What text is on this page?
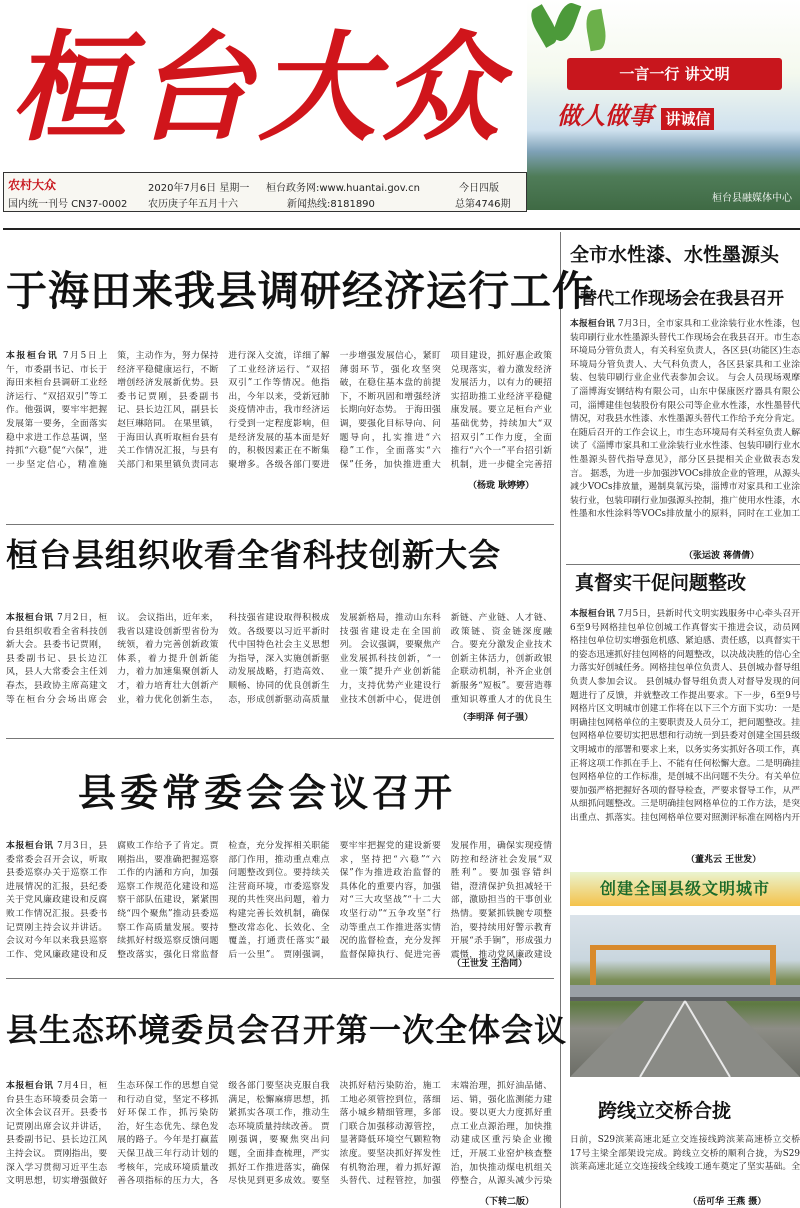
桓台大众	一言一行 讲文明
做人做事 讲诚信
桓台县融媒体中心
农村大众
国内统一刊号 CN37-0002
2020年7月6日 星期一
农历庚子年五月十六
桓台政务网:www.huantai.gov.cn
新闻热线:8181890
今日四版
总第4746期
于海田来我县调研经济运行工作

本报桓台讯 7月5日上午，市委副书记、市长于海田来桓台县调研工业经济运行、“双招双引”等工作。他强调，要牢牢把握发展第一要务，全面落实稳中求进工作总基调，坚持抓“六稳”促“六保”，进一步坚定信心，精准施策，主动作为，努力保持经济平稳健康运行，不断增创经济发展新优势。县委书记贾刚，县委副书记、县长边江风，副县长赵巨琳陪同。 在果里镇，于海田认真听取桓台县有关工作情况汇报，与县有关部门和果里镇负责同志进行深入交流，详细了解了工业经济运行、“双招双引”工作等情况。他指出，今年以来，受新冠肺炎疫情冲击，我市经济运行受到一定程度影响，但是经济发展的基本面是好的，积极因素正在不断集聚增多。各级各部门要进一步增强发展信心，紧盯薄弱环节，强化攻坚突破，在稳住基本盘的前提下，不断巩固和增强经济长期向好态势。 于海田强调，要强化目标导向、问题导向，扎实推进“六稳”工作，全面落实“六保”任务，加快推进重大项目建设，抓好惠企政策兑现落实，着力激发经济发展活力，以有力的硬招实招助推工业经济平稳健康发展。要立足桓台产业基础优势，持续加大“双招双引”工作力度，全面推行“六个一”平台招引新机制，进一步健全完善招

（杨珑 耿婷婷）
全市水性漆、水性墨源头
替代工作现场会在我县召开

本报桓台讯 7月3日，全市家具和工业涂装行业水性漆，包装印刷行业水性墨源头替代工作现场会在我县召开。市生态环境局分管负责人，有关科室负责人，各区县(功能区)生态环境局分管负责人、大气科负责人，各区县家具和工业涂装、包装印刷行业企业代表参加会议。 与会人员现场观摩了淄博海安钢结构有限公司，山东中保康医疗器具有限公司，淄博建佳包装股份有限公司等企业水性漆，水性墨替代情况，对我县水性漆、水性墨源头替代工作给予充分肯定。在随后召开的工作会议上，市生态环境局有关科室负责人解读了《淄博市家具和工业涂装行业水性漆、包装印刷行业水性墨源头替代指导意见》，部分区县提相关企业做表态发言。 据悉，为进一步加强涉VOCs排放企业的管理，从源头减少VOCs排放量，遏制臭氧污染，淄博市对家具和工业涂装行业，包装印刷行业加强源头控制，推广使用水性漆，水性墨和水性涂料等VOCs排放量小的原料，同时在工业加工

（张运波 蒋倩倩）
桓台县组织收看全省科技创新大会

本报桓台讯 7月2日，桓台县组织收看全省科技创新大会。县委书记贾刚，县委副书记、县长边江风，县人大常委会主任刘春杰，县政协主席高建文等在桓台分会场出席会议。 会议指出，近年来，我省以建设创新型省份为统领，着力完善创新政策体系，着力提升创新能力，着力加速集聚创新人才，着力培育壮大创新产业，着力优化创新生态，科技强省建设取得积极成效。各级要以习近平新时代中国特色社会主义思想为指导，深入实施创新驱动发展战略，打造高效、顺畅、协同的优良创新生态，形成创新驱动高质量发展新格局，推动山东科技强省建设走在全国前列。 会议强调，要聚焦产业发展抓科技创新，“一业一策”提升产业创新能力，支持优势产业建设行业技术创新中心，促进创新链、产业链、人才链、政策链、资金链深度融合。要充分激发企业技术创新主体活力，创新政银企联动机制，补齐企业创新服务“短板”。要营造尊重知识尊重人才的优良生

（李明泽 何子强）
真督实干促问题整改

本报桓台讯 7月5日，县新时代文明实践服务中心牵头召开6至9号网格挂包单位创城工作真督实干推进会议，动员网格挂包单位切实增强危机感、紧迫感、责任感，以真督实干的姿态迅速抓好挂包网格的问题整改，以决战决胜的信心全力落实好创城任务。网格挂包单位负责人、县创城办督导组负责人参加会议。 县创城办督导组负责人对督导发现的问题进行了反馈，并就整改工作提出要求。下一步，6至9号网格片区文明城市创建工作将在以下三个方面下实功：一是明确挂包网格单位的主要职责及人员分工，把问题整改。挂包网格单位要切实把思想和行动统一到县委对创建全国县级文明城市的部署和要求上来，以务实务实抓好各项工作，真正将这项工作抓在手上、不能有任何松懈大意。二是明确挂包网格单位的工作标准，是创城不出问题不失分。有关单位要加强严格把握好各项的督导检查，严要求督导工作，从严从细抓问题整改。三是明确挂包网格单位的工作方法，是突出重点、抓落实。挂包网格单位要对照测评标准在网格内开

（董兆云 王世发）
县委常委会会议召开

本报桓台讯 7月3日，县委常委会召开会议，听取县委巡察办关于巡察工作进展情况的汇报，县纪委关于党风廉政建设和反腐败工作情况汇报。县委书记贾刚主持会议并讲话。 会议对今年以来我县巡察工作、党风廉政建设和反腐败工作给予了肯定。贾刚指出，要准确把握巡察工作的内涵和方向，加强巡察工作规范化建设和巡察干部队伍建设，紧紧围绕“四个聚焦”推动县委巡察工作高质量发展。要持续抓好村级巡察反馈问题整改落实，强化日常监督检查，充分发挥相关职能部门作用，推动重点难点问题整改到位。要持续关注营商环境，市委巡察发现的共性突出问题，着力构建完善长效机制，确保整改常态化、长效化、全覆盖，打通责任落实“最后一公里”。 贾刚强调，要牢牢把握党的建设新要求，坚持把“六稳”“六保”作为推进政治监督的具体化的重要内容，加强对“三大攻坚战”“十二大攻坚行动”“五争攻坚”行动等重点工作推进落实情况的监督检查，充分发挥监督保障执行、促进完善发展作用，确保实现疫情防控和经济社会发展“双胜利”。要加强容错纠错，澄清保护负担减轻干部，激励担当的干事创业热情。要紧抓铁腕专项整治，要持续用好警示教育开展“杀手锏”，形成强力震慑，推动党风廉政建设

（王世发 王浩同）
县生态环境委员会召开第一次全体会议

本报桓台讯 7月4日，桓台县生态环境委员会第一次全体会议召开。县委书记贾刚出席会议并讲话，县委副书记、县长边江风主持会议。 贾刚指出，要深入学习贯彻习近平生态文明思想，切实增强做好生态环保工作的思想自觉和行动自觉，坚定不移抓好环保工作，抓污染防治，好生态优先、绿色发展的路子。今年是打赢蓝天保卫战三年行动计划的考核年，完成环境质量改善各项指标的压力大，各级各部门要坚决克服自我满足，松懈麻痹思想，抓紧抓实各项工作，推动生态环境质量持续改善。 贾刚强调，要聚焦突出问题，全面排查梳理，严实抓好工作推进落实，确保尽快见到更多成效。要坚决抓好秸污染防治，施工工地必须管控到位，落细落小城乡精细管理，多部门联合加强移动源管控，显著降低环境空气颗粒物浓度。要坚决抓好挥发性有机物治理，着力抓好源头替代、过程管控，加强末端治理，抓好油品储、运、销，强化监测能力建设。要以更大力度抓好重点工业点源治理，加快推动建成区重污染企业搬迁，开展工业窑炉核查整治，加快推动煤电机组关停整合，从源头减少污染

（下转二版）
创建全国县级文明城市
跨线立交桥合拢

日前，S29滨莱高速北延立交连接线跨滨莱高速桥立交桥17号主梁全部架设完成。跨线立交桥的顺利合拢，为S29滨莱高速北延立交连接线全线竣工通车奠定了坚实基础。全

（岳可华 王燕 摄）
